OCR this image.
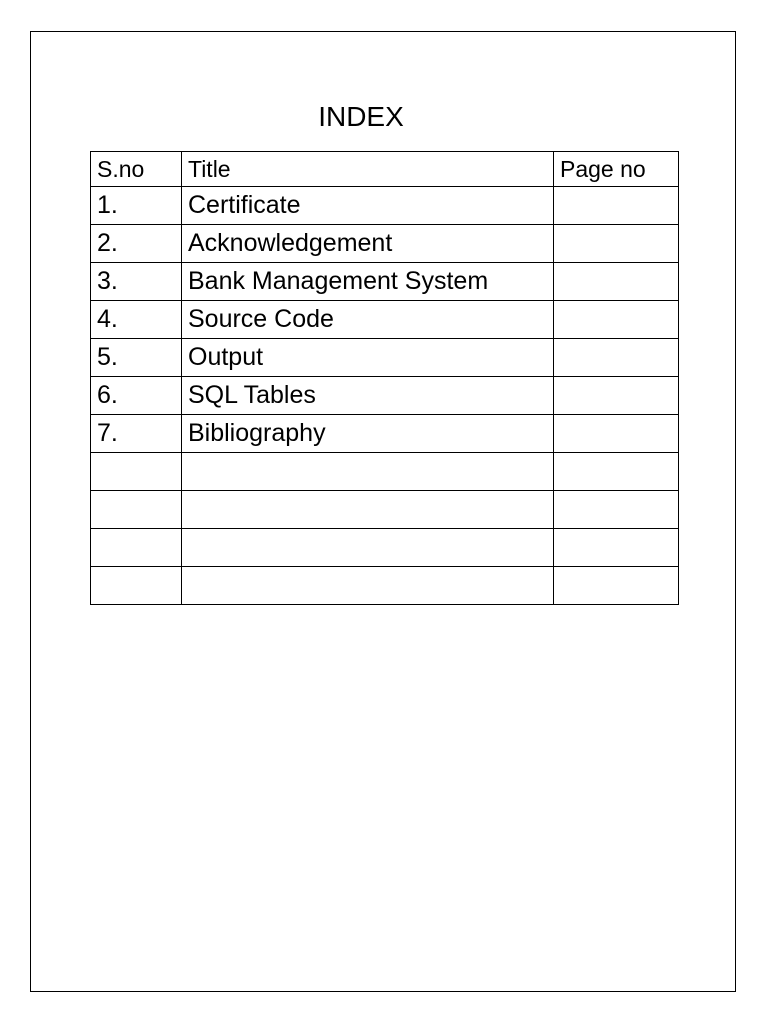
INDEX
S.no	Title	Page no
1.	Certificate	
2.	Acknowledgement	
3.	Bank Management System	
4.	Source Code	
5.	Output	
6.	SQL Tables	
7.	Bibliography	
